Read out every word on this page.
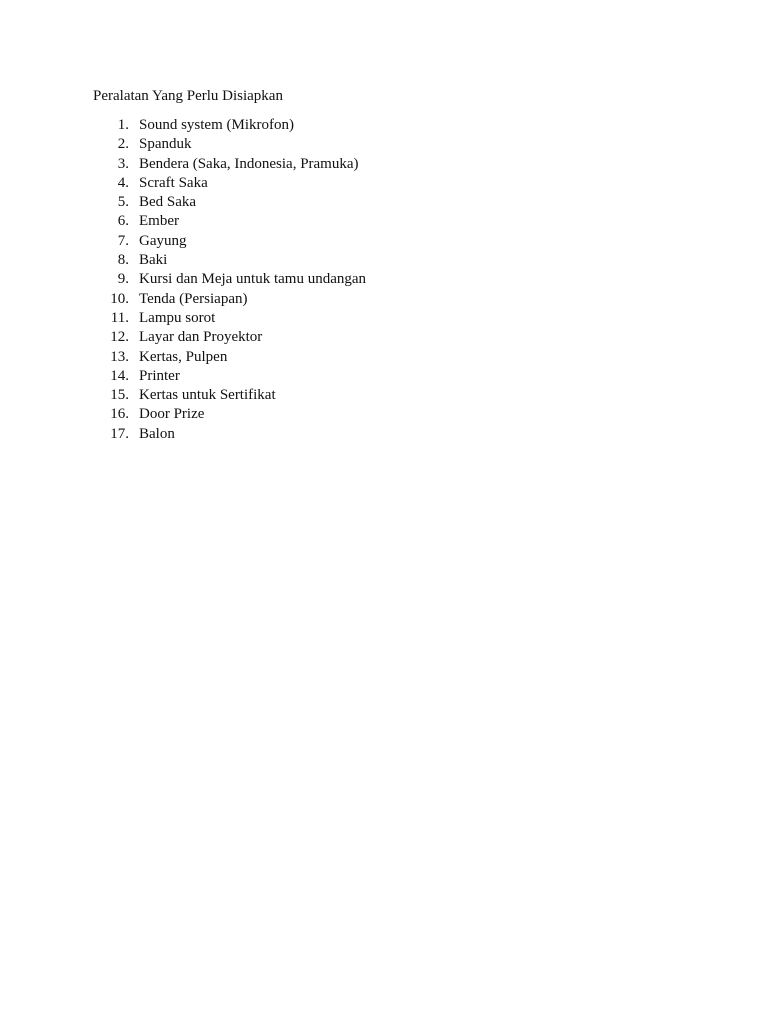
Peralatan Yang Perlu Disiapkan
1. Sound system (Mikrofon)
2. Spanduk
3. Bendera (Saka, Indonesia, Pramuka)
4. Scraft Saka
5. Bed Saka
6. Ember
7. Gayung
8. Baki
9. Kursi dan Meja untuk tamu undangan
10. Tenda (Persiapan)
11. Lampu sorot
12. Layar dan Proyektor
13. Kertas, Pulpen
14. Printer
15. Kertas untuk Sertifikat
16. Door Prize
17. Balon
